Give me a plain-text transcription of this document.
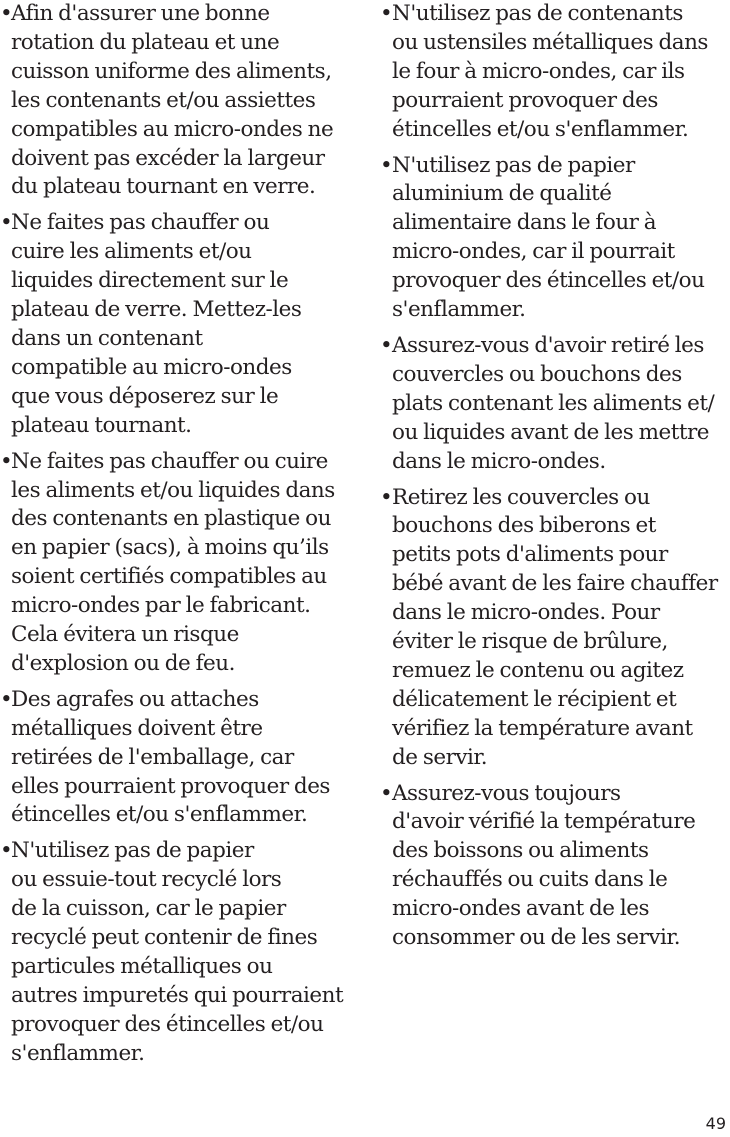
•
Afin d'assurer une bonne
rotation du plateau et une
cuisson uniforme des aliments,
les contenants et/ou assiettes
compatibles au micro-ondes ne
doivent pas excéder la largeur
du plateau tournant en verre.
•
Ne faites pas chauffer ou
cuire les aliments et/ou
liquides directement sur le
plateau de verre. Mettez-les
dans un contenant
compatible au micro-ondes
que vous déposerez sur le
plateau tournant.
•
Ne faites pas chauffer ou cuire
les aliments et/ou liquides dans
des contenants en plastique ou
en papier (sacs), à moins qu’ils
soient certifiés compatibles au
micro-ondes par le fabricant.
Cela évitera un risque
d'explosion ou de feu.
•
Des agrafes ou attaches
métalliques doivent être
retirées de l'emballage, car
elles pourraient provoquer des
étincelles et/ou s'enflammer.
•
N'utilisez pas de papier
ou essuie-tout recyclé lors
de la cuisson, car le papier
recyclé peut contenir de fines
particules métalliques ou
autres impuretés qui pourraient
provoquer des étincelles et/ou
s'enflammer.
• N'utilisez pas de contenants
ou ustensiles métalliques dans
le four à micro-ondes, car ils
pourraient provoquer des
étincelles et/ou s'enflammer.
• N'utilisez pas de papier
aluminium de qualité
alimentaire dans le four à
micro-ondes, car il pourrait
provoquer des étincelles et/ou
s'enflammer.
• Assurez-vous d'avoir retiré les
couvercles ou bouchons des
plats contenant les aliments et/
ou liquides avant de les mettre
dans le micro-ondes.
• Retirez les couvercles ou
bouchons des biberons et
petits pots d'aliments pour
bébé avant de les faire chauffer
dans le micro-ondes. Pour
éviter le risque de brûlure,
remuez le contenu ou agitez
délicatement le récipient et
vérifiez la température avant
de servir.
• Assurez-vous toujours
d'avoir vérifié la température
des boissons ou aliments
réchauffés ou cuits dans le
micro-ondes avant de les
consommer ou de les servir.
49
